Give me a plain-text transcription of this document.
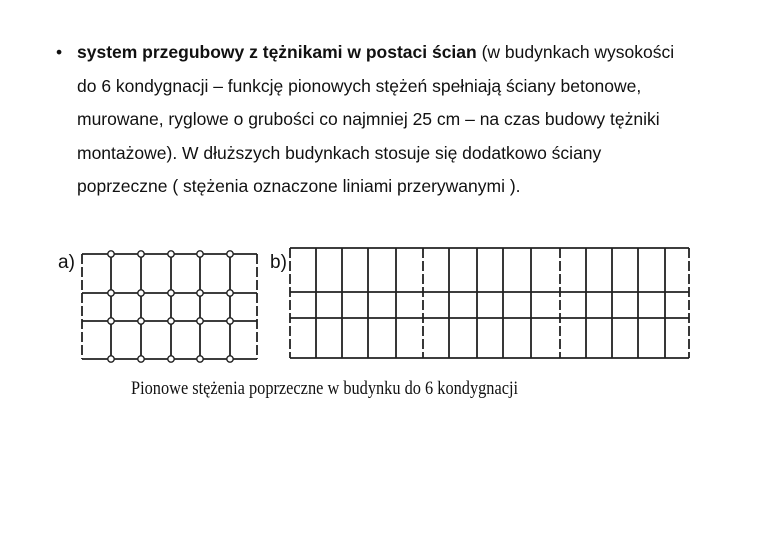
• system przegubowy z tężnikami w postaci ścian (w budynkach wysokości
do 6 kondygnacji – funkcję pionowych stężeń spełniają ściany betonowe,
murowane, ryglowe o grubości co najmniej 25 cm – na czas budowy tężniki
montażowe). W dłuższych budynkach stosuje się dodatkowo ściany
poprzeczne ( stężenia oznaczone liniami przerywanymi ).
a)	b)
Pionowe stężenia poprzeczne w budynku do 6 kondygnacji
